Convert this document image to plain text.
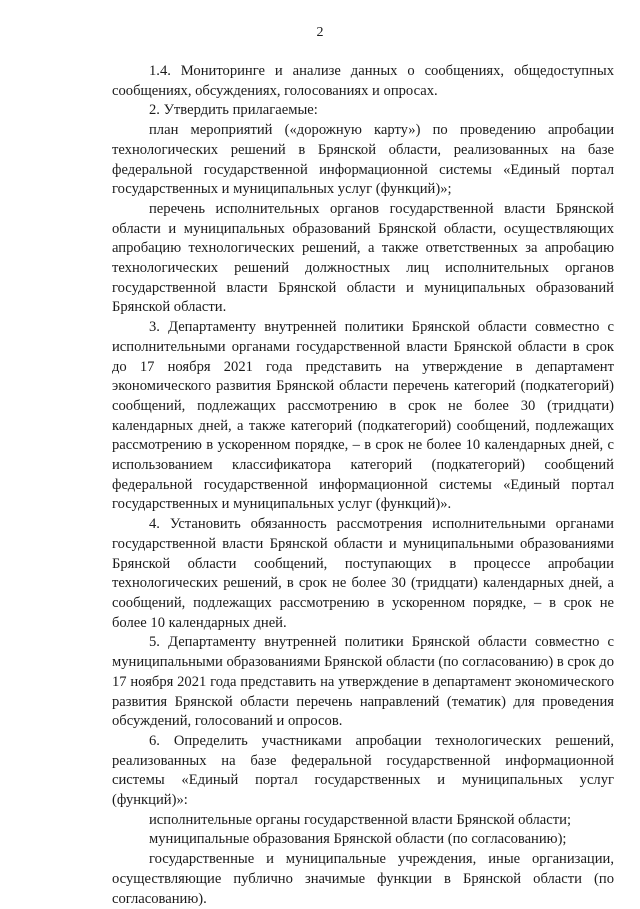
2

1.4. Мониторинге и анализе данных о сообщениях, общедоступных сообщениях, обсуждениях, голосованиях и опросах.

2. Утвердить прилагаемые:

план мероприятий («дорожную карту») по проведению апробации технологических решений в Брянской области, реализованных на базе федеральной государственной информационной системы «Единый портал государственных и муниципальных услуг (функций)»;

перечень исполнительных органов государственной власти Брянской области и муниципальных образований Брянской области, осуществляющих апробацию технологических решений, а также ответственных за апробацию технологических решений должностных лиц исполнительных органов государственной власти Брянской области и муниципальных образований Брянской области.

3. Департаменту внутренней политики Брянской области совместно с исполнительными органами государственной власти Брянской области в срок до 17 ноября 2021 года представить на утверждение в департамент экономического развития Брянской области перечень категорий (подкатегорий) сообщений, подлежащих рассмотрению в срок не более 30 (тридцати) календарных дней, а также категорий (подкатегорий) сообщений, подлежащих рассмотрению в ускоренном порядке, – в срок не более 10 календарных дней, с использованием классификатора категорий (подкатегорий) сообщений федеральной государственной информационной системы «Единый портал государственных и муниципальных услуг (функций)».

4. Установить обязанность рассмотрения исполнительными органами государственной власти Брянской области и муниципальными образованиями Брянской области сообщений, поступающих в процессе апробации технологических решений, в срок не более 30 (тридцати) календарных дней, а сообщений, подлежащих рассмотрению в ускоренном порядке, – в срок не более 10 календарных дней.

5. Департаменту внутренней политики Брянской области совместно с муниципальными образованиями Брянской области (по согласованию) в срок до 17 ноября 2021 года представить на утверждение в департамент экономического развития Брянской области перечень направлений (тематик) для проведения обсуждений, голосований и опросов.

6. Определить участниками апробации технологических решений, реализованных на базе федеральной государственной информационной системы «Единый портал государственных и муниципальных услуг (функций)»:

исполнительные органы государственной власти Брянской области;

муниципальные образования Брянской области (по согласованию);

государственные и муниципальные учреждения, иные организации, осуществляющие публично значимые функции в Брянской области (по согласованию).
